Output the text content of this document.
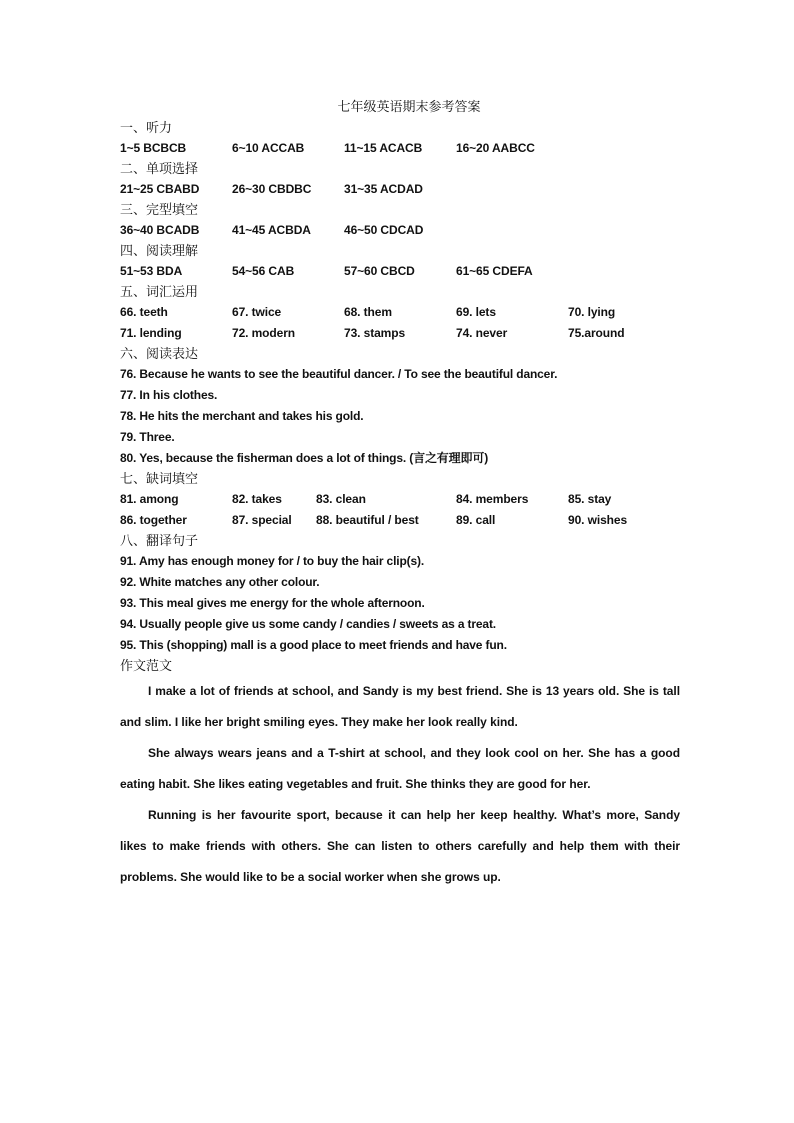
七年级英语期末参考答案
一、听力
1~5 BCBCB	6~10 ACCAB	11~15 ACACB	16~20 AABCC
二、单项选择
21~25 CBABD	26~30 CBDBC	31~35 ACDAD
三、完型填空
36~40 BCADB	41~45 ACBDA	46~50 CDCAD
四、阅读理解
51~53 BDA	54~56 CAB	57~60 CBCD	61~65 CDEFA
五、词汇运用
66. teeth	67. twice	68. them	69. lets	70. lying
71. lending	72. modern	73. stamps	74. never	75.around
六、阅读表达
76. Because he wants to see the beautiful dancer. / To see the beautiful dancer.
77. In his clothes.
78. He hits the merchant and takes his gold.
79. Three.
80. Yes, because the fisherman does a lot of things. (言之有理即可)
七、缺词填空
81. among	82. takes	83. clean	84. members	85. stay
86. together	87. special	88. beautiful / best	89. call	90. wishes
八、翻译句子
91. Amy has enough money for / to buy the hair clip(s).
92. White matches any other colour.
93. This meal gives me energy for the whole afternoon.
94. Usually people give us some candy / candies / sweets as a treat.
95. This (shopping) mall is a good place to meet friends and have fun.
作文范文

I make a lot of friends at school, and Sandy is my best friend. She is 13 years old. She is tall and slim. I like her bright smiling eyes. They make her look really kind.

She always wears jeans and a T-shirt at school, and they look cool on her. She has a good eating habit. She likes eating vegetables and fruit. She thinks they are good for her.

Running is her favourite sport, because it can help her keep healthy. What’s more, Sandy likes to make friends with others. She can listen to others carefully and help them with their problems. She would like to be a social worker when she grows up.
